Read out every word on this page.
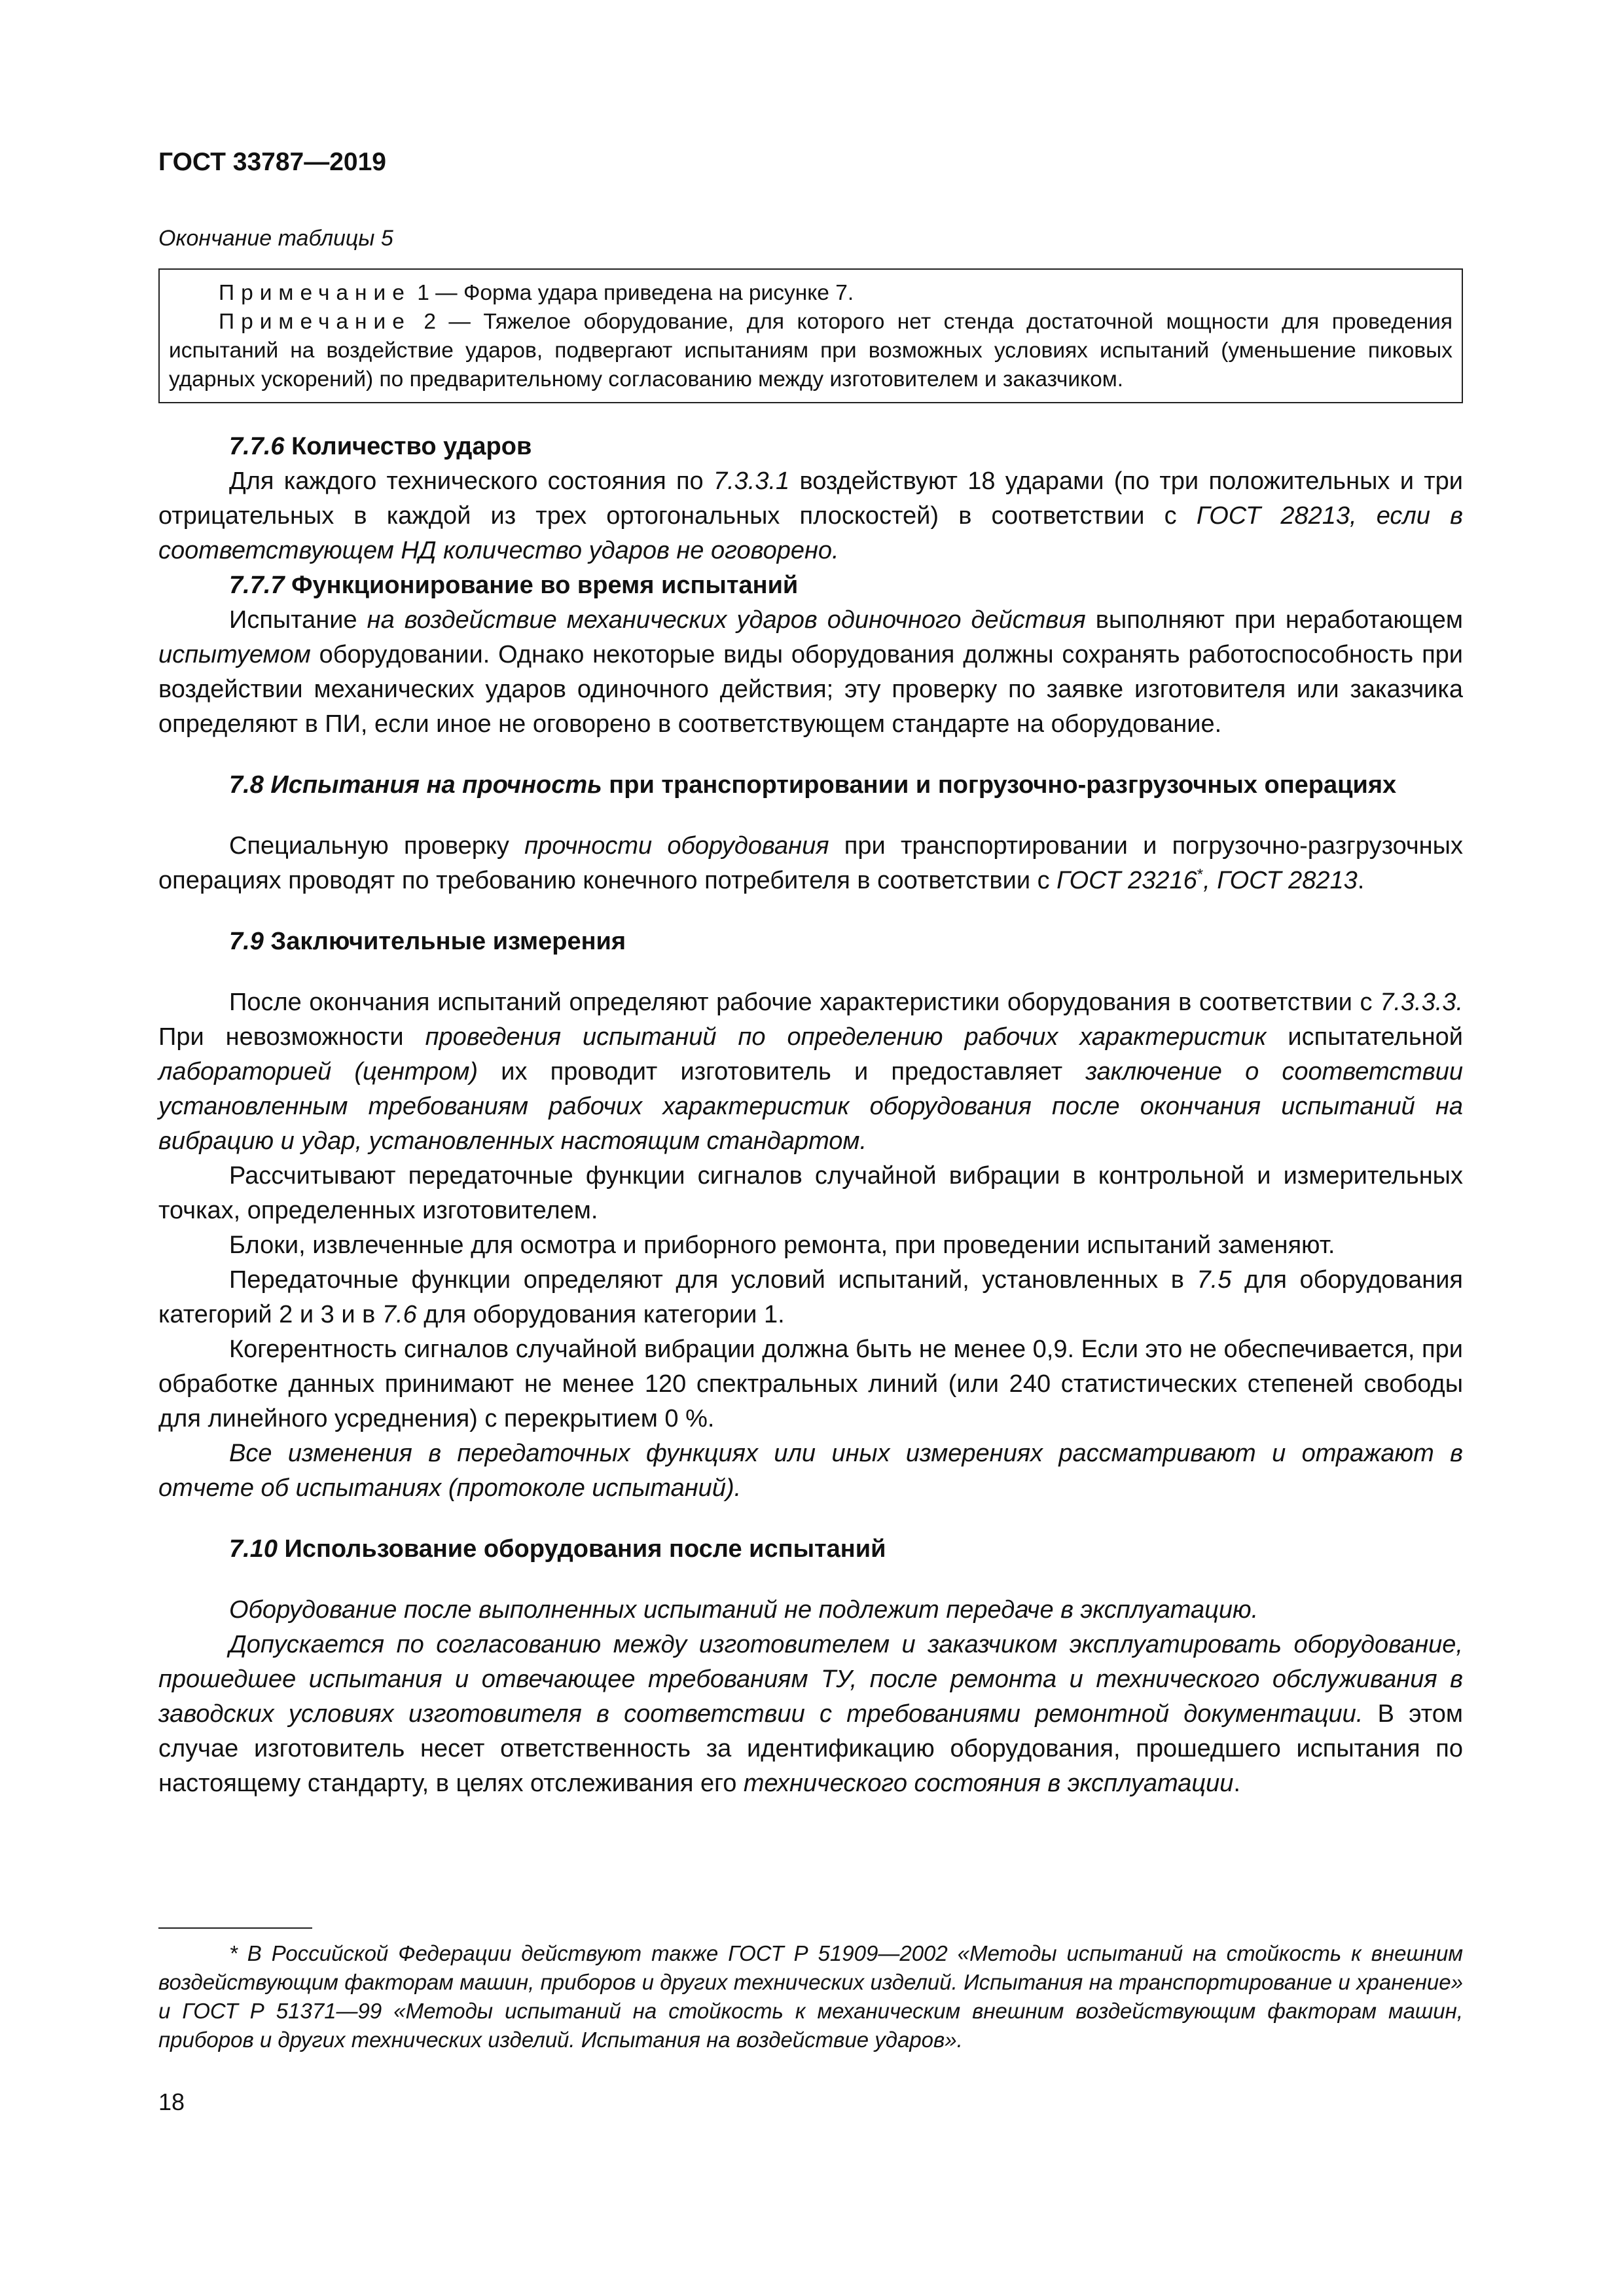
ГОСТ 33787—2019
Окончание таблицы 5

Примечание 1 — Форма удара приведена на рисунке 7.

Примечание 2 — Тяжелое оборудование, для которого нет стенда достаточной мощности для проведения испытаний на воздействие ударов, подвергают испытаниям при возможных условиях испытаний (уменьшение пиковых ударных ускорений) по предварительному согласованию между изготовителем и заказчиком.

7.7.6 Количество ударов

Для каждого технического состояния по 7.3.3.1 воздействуют 18 ударами (по три положительных и три отрицательных в каждой из трех ортогональных плоскостей) в соответствии с ГОСТ 28213, если в соответствующем НД количество ударов не оговорено.

7.7.7 Функционирование во время испытаний

Испытание на воздействие механических ударов одиночного действия выполняют при неработающем испытуемом оборудовании. Однако некоторые виды оборудования должны сохранять работоспособность при воздействии механических ударов одиночного действия; эту проверку по заявке изготовителя или заказчика определяют в ПИ, если иное не оговорено в соответствующем стандарте на оборудование.

7.8 Испытания на прочность при транспортировании и погрузочно-разгрузочных операциях

Специальную проверку прочности оборудования при транспортировании и погрузочно-разгрузочных операциях проводят по требованию конечного потребителя в соответствии с ГОСТ 23216*, ГОСТ 28213.

7.9 Заключительные измерения

После окончания испытаний определяют рабочие характеристики оборудования в соответствии с 7.3.3.3. При невозможности проведения испытаний по определению рабочих характеристик испытательной лабораторией (центром) их проводит изготовитель и предоставляет заключение о соответствии установленным требованиям рабочих характеристик оборудования после окончания испытаний на вибрацию и удар, установленных настоящим стандартом.

Рассчитывают передаточные функции сигналов случайной вибрации в контрольной и измерительных точках, определенных изготовителем.

Блоки, извлеченные для осмотра и приборного ремонта, при проведении испытаний заменяют.

Передаточные функции определяют для условий испытаний, установленных в 7.5 для оборудования категорий 2 и 3 и в 7.6 для оборудования категории 1.

Когерентность сигналов случайной вибрации должна быть не менее 0,9. Если это не обеспечивается, при обработке данных принимают не менее 120 спектральных линий (или 240 статистических степеней свободы для линейного усреднения) с перекрытием 0 %.

Все изменения в передаточных функциях или иных измерениях рассматривают и отражают в отчете об испытаниях (протоколе испытаний).

7.10 Использование оборудования после испытаний

Оборудование после выполненных испытаний не подлежит передаче в эксплуатацию.

Допускается по согласованию между изготовителем и заказчиком эксплуатировать оборудование, прошедшее испытания и отвечающее требованиям ТУ, после ремонта и технического обслуживания в заводских условиях изготовителя в соответствии с требованиями ремонтной документации. В этом случае изготовитель несет ответственность за идентификацию оборудования, прошедшего испытания по настоящему стандарту, в целях отслеживания его технического состояния в эксплуатации.

* В Российской Федерации действуют также ГОСТ Р 51909—2002 «Методы испытаний на стойкость к внешним воздействующим факторам машин, приборов и других технических изделий. Испытания на транспортирование и хранение» и ГОСТ Р 51371—99 «Методы испытаний на стойкость к механическим внешним воздействующим факторам машин, приборов и других технических изделий. Испытания на воздействие ударов».

18
